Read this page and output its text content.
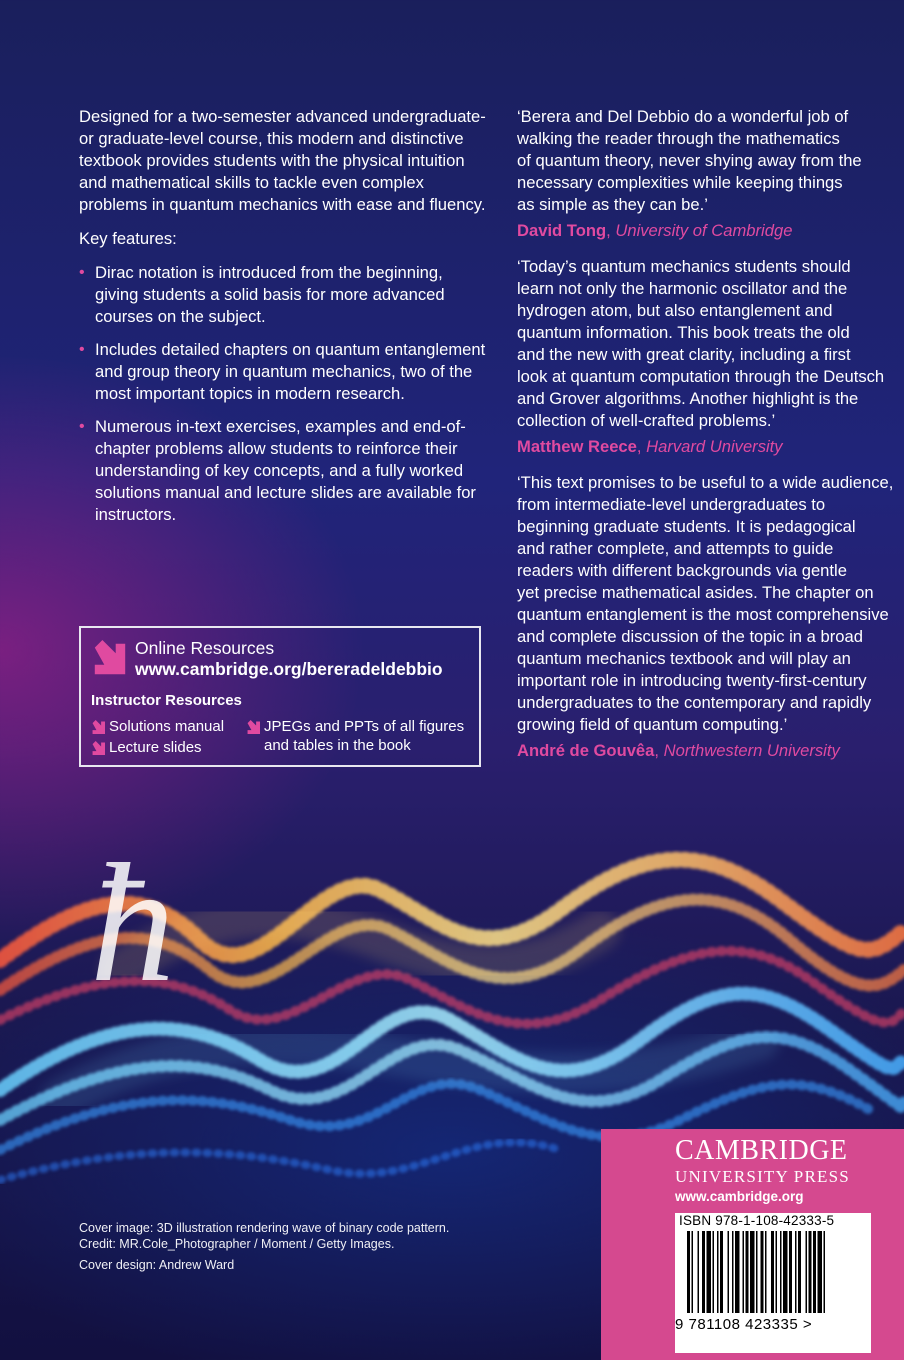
ħ

Designed for a two-semester advanced undergraduate- or graduate-level course, this modern and distinctive textbook provides students with the physical intuition and mathematical skills to tackle even complex problems in quantum mechanics with ease and fluency.

Key features:

• Dirac notation is introduced from the beginning, giving students a solid basis for more advanced courses on the subject.
• Includes detailed chapters on quantum entanglement and group theory in quantum mechanics, two of the most important topics in modern research.
• Numerous in-text exercises, examples and end-of-chapter problems allow students to reinforce their understanding of key concepts, and a fully worked solutions manual and lecture slides are available for instructors.
Online Resources
www.cambridge.org/bereradeldebbio
Instructor Resources
Solutions manual
Lecture slides
JPEGs and PPTs of all figures
and tables in the book
‘Berera and Del Debbio do a wonderful job of
walking the reader through the mathematics
of quantum theory, never shying away from the
necessary complexities while keeping things
as simple as they can be.’
David Tong, University of Cambridge
‘Today’s quantum mechanics students should
learn not only the harmonic oscillator and the
hydrogen atom, but also entanglement and
quantum information. This book treats the old
and the new with great clarity, including a first
look at quantum computation through the Deutsch
and Grover algorithms. Another highlight is the
collection of well-crafted problems.’
Matthew Reece, Harvard University
‘This text promises to be useful to a wide audience,
from intermediate-level undergraduates to
beginning graduate students. It is pedagogical
and rather complete, and attempts to guide
readers with different backgrounds via gentle
yet precise mathematical asides. The chapter on
quantum entanglement is the most comprehensive
and complete discussion of the topic in a broad
quantum mechanics textbook and will play an
important role in introducing twenty-first-century
undergraduates to the contemporary and rapidly
growing field of quantum computing.’
André de Gouvêa, Northwestern University

Cover image: 3D illustration rendering wave of binary code pattern.

Credit: MR.Cole_Photographer / Moment / Getty Images.

Cover design: Andrew Ward

CAMBRIDGE
UNIVERSITY PRESS
www.cambridge.org
ISBN 978-1-108-42333-5
9 781108 423335 >
